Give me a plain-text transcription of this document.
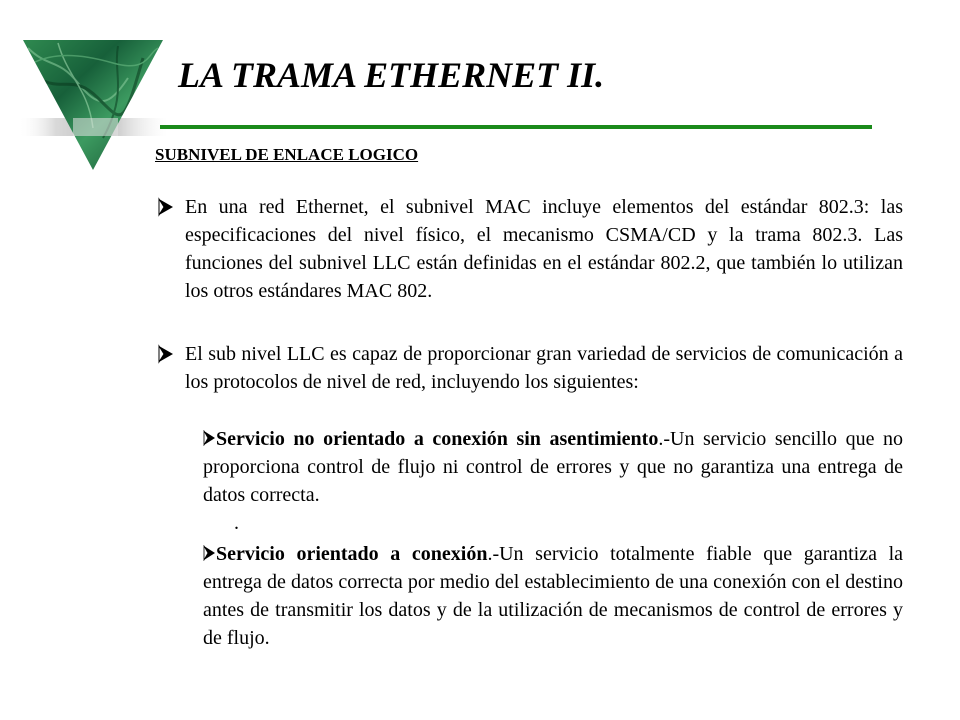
LA TRAMA ETHERNET II.
SUBNIVEL DE ENLACE LOGICO
En una red Ethernet, el subnivel MAC incluye elementos del estándar 802.3: las especificaciones del nivel físico, el mecanismo CSMA/CD y la trama 802.3. Las funciones del subnivel LLC están definidas en el estándar 802.2, que también lo utilizan los otros estándares MAC 802.
El sub nivel LLC es capaz de proporcionar gran variedad de servicios de comunicación a los protocolos de nivel de red, incluyendo los siguientes:
Servicio no orientado a conexión sin asentimiento.-Un servicio sencillo que no proporciona control de flujo ni control de errores y que no garantiza una entrega de datos correcta.
.
Servicio orientado a conexión.-Un servicio totalmente fiable que garantiza la entrega de datos correcta por medio del establecimiento de una conexión con el destino antes de transmitir los datos y de la utilización de mecanismos de control de errores y de flujo.
